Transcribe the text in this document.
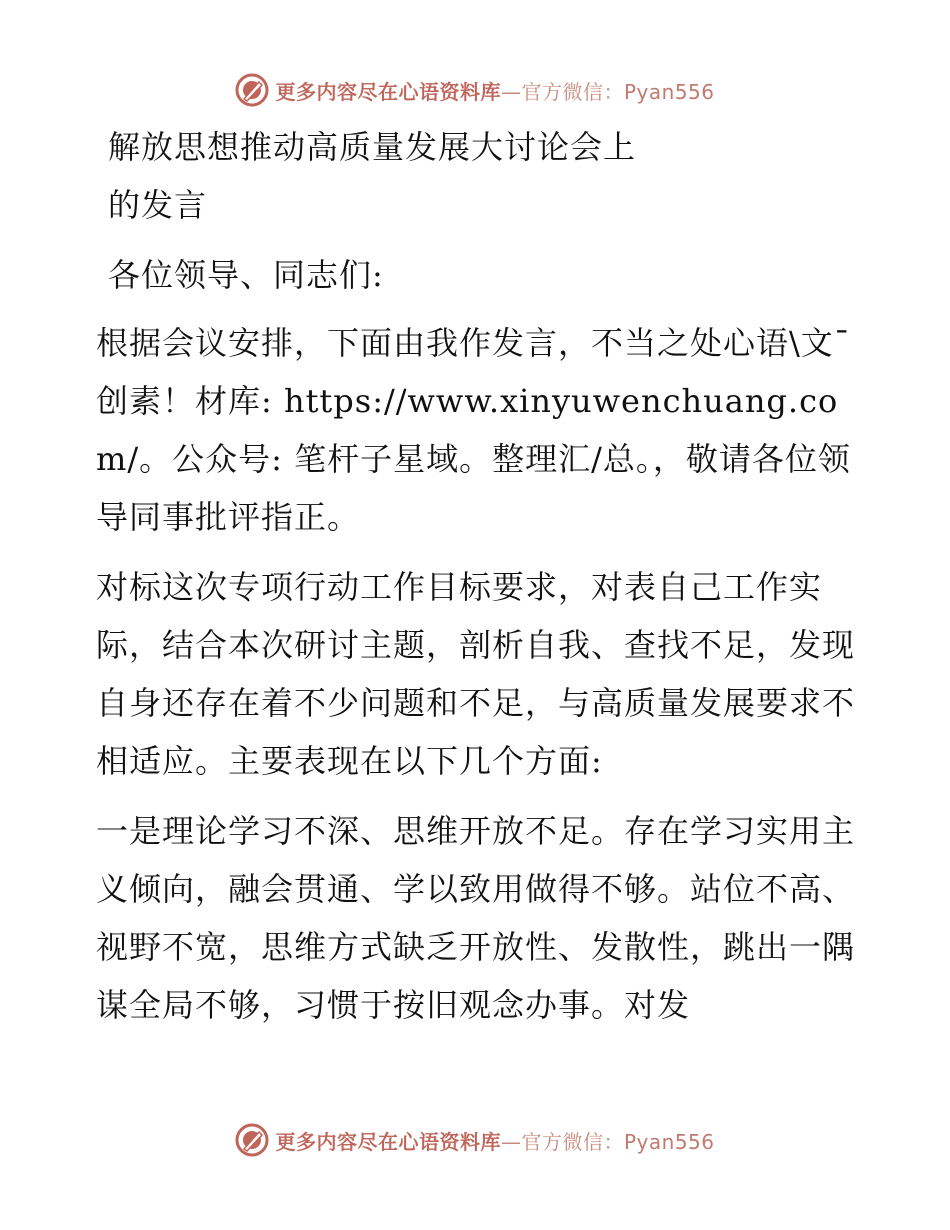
更多内容尽在心语资料库—官方微信：Pyan556

解放思想推动高质量发展大讨论会上

的发言

各位领导、同志们:

根据会议安排，下面由我作发言，不当之处心语\文¯创素！材库: https://www.xinyuwenchuang.com/。公众号: 笔杆子星域。整理汇/总。，敬请各位领导同事批评指正。

对标这次专项行动工作目标要求，对表自己工作实际，结合本次研讨主题，剖析自我、查找不足，发现自身还存在着不少问题和不足，与高质量发展要求不相适应。主要表现在以下几个方面:

一是理论学习不深、思维开放不足。存在学习实用主义倾向，融会贯通、学以致用做得不够。站位不高、视野不宽，思维方式缺乏开放性、发散性，跳出一隅谋全局不够，习惯于按旧观念办事。对发

更多内容尽在心语资料库—官方微信：Pyan556
